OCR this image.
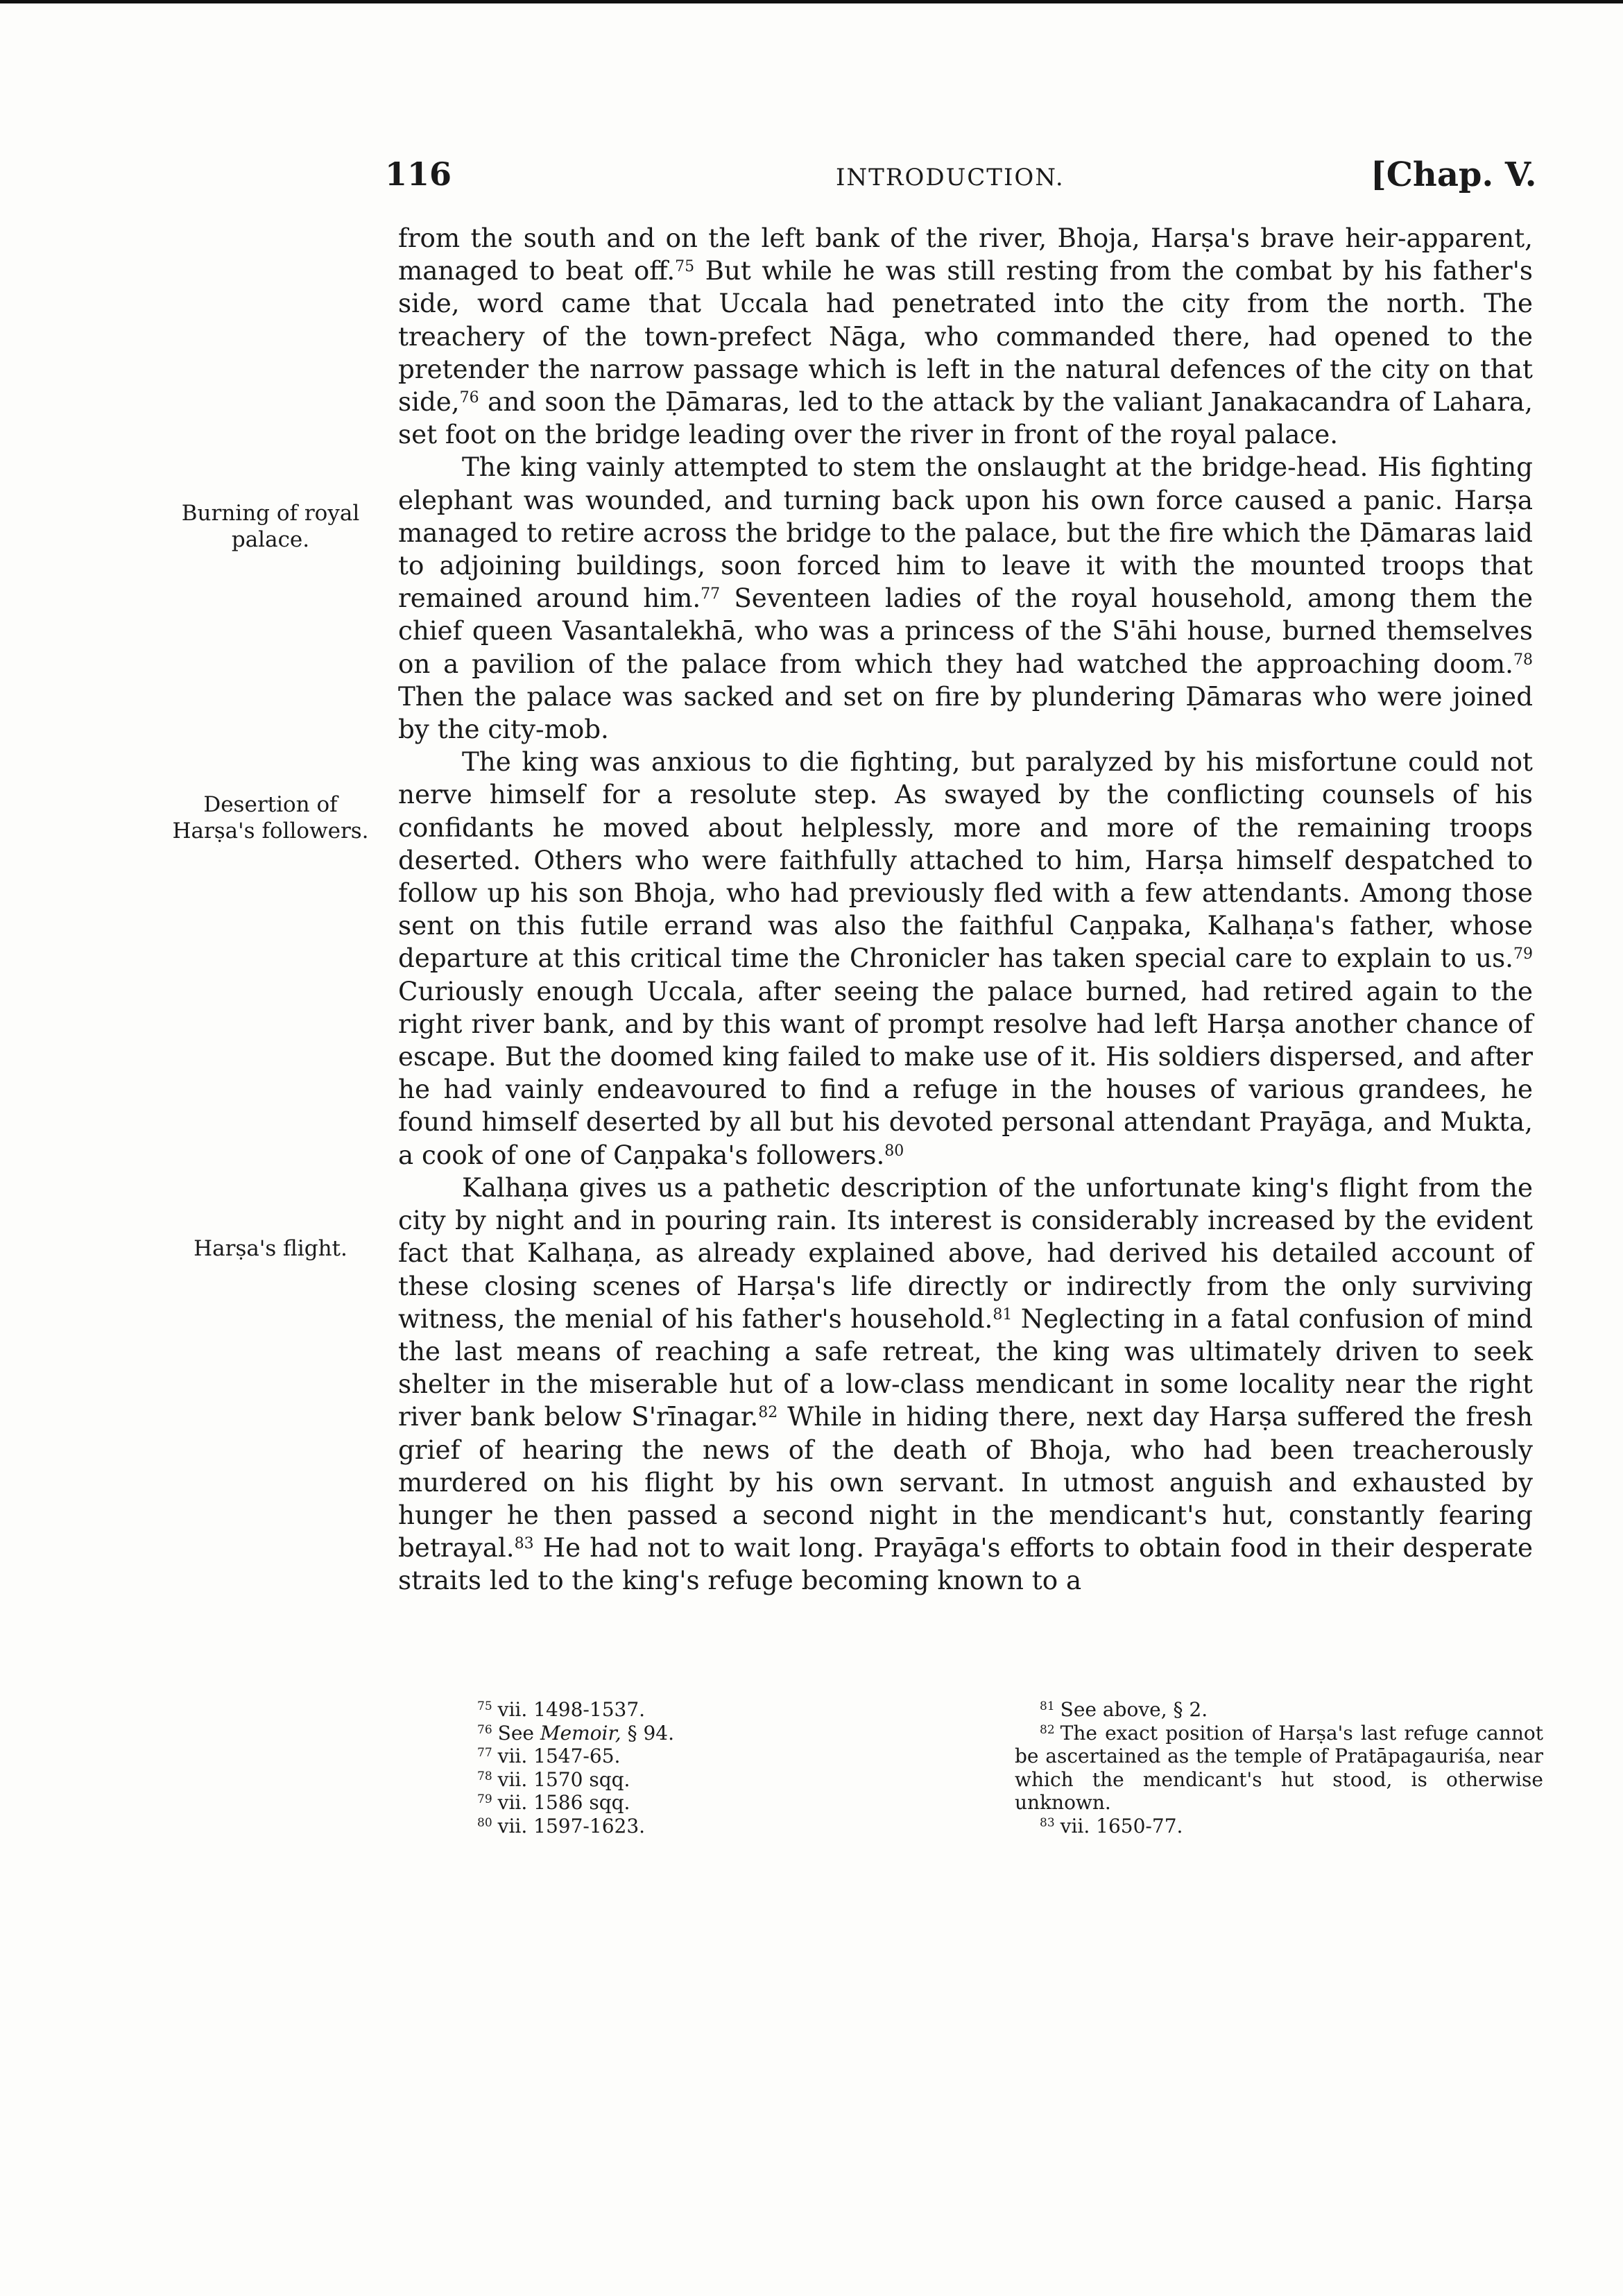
116	INTRODUCTION.	[Chap. V.
Burning of royal palace.
Desertion of Harṣa's followers.
Harṣa's flight.

from the south and on the left bank of the river, Bhoja, Harṣa's brave heir-apparent, managed to beat off.$^{75}$ But while he was still resting from the combat by his father's side, word came that Uccala had penetrated into the city from the north. The treachery of the town-prefect Nāga, who commanded there, had opened to the pretender the narrow passage which is left in the natural defences of the city on that side,$^{76}$ and soon the Ḍāmaras, led to the attack by the valiant Janakacandra of Lahara, set foot on the bridge leading over the river in front of the royal palace.

The king vainly attempted to stem the onslaught at the bridge-head. His fighting elephant was wounded, and turning back upon his own force caused a panic. Harṣa managed to retire across the bridge to the palace, but the fire which the Ḍāmaras laid to adjoining buildings, soon forced him to leave it with the mounted troops that remained around him.$^{77}$ Seventeen ladies of the royal household, among them the chief queen Vasantalekhā, who was a princess of the S'āhi house, burned themselves on a pavilion of the palace from which they had watched the approaching doom.$^{78}$ Then the palace was sacked and set on fire by plundering Ḍāmaras who were joined by the city-mob.

The king was anxious to die fighting, but paralyzed by his misfortune could not nerve himself for a resolute step. As swayed by the conflicting counsels of his confidants he moved about helplessly, more and more of the remaining troops deserted. Others who were faithfully attached to him, Harṣa himself despatched to follow up his son Bhoja, who had previously fled with a few attendants. Among those sent on this futile errand was also the faithful Caṇpaka, Kalhaṇa's father, whose departure at this critical time the Chronicler has taken special care to explain to us.$^{79}$ Curiously enough Uccala, after seeing the palace burned, had retired again to the right river bank, and by this want of prompt resolve had left Harṣa another chance of escape. But the doomed king failed to make use of it. His soldiers dispersed, and after he had vainly endeavoured to find a refuge in the houses of various grandees, he found himself deserted by all but his devoted personal attendant Prayāga, and Mukta, a cook of one of Caṇpaka's followers.$^{80}$

Kalhaṇa gives us a pathetic description of the unfortunate king's flight from the city by night and in pouring rain. Its interest is considerably increased by the evident fact that Kalhaṇa, as already explained above, had derived his detailed account of these closing scenes of Harṣa's life directly or indirectly from the only surviving witness, the menial of his father's household.$^{81}$ Neglecting in a fatal confusion of mind the last means of reaching a safe retreat, the king was ultimately driven to seek shelter in the miserable hut of a low-class mendicant in some locality near the right river bank below S'rīnagar.$^{82}$ While in hiding there, next day Harṣa suffered the fresh grief of hearing the news of the death of Bhoja, who had been treacherously murdered on his flight by his own servant. In utmost anguish and exhausted by hunger he then passed a second night in the mendicant's hut, constantly fearing betrayal.$^{83}$ He had not to wait long. Prayāga's efforts to obtain food in their desperate straits led to the king's refuge becoming known to a

$^{75}$ vii. 1498-1537.

$^{76}$ See Memoir, § 94.

$^{77}$ vii. 1547-65.

$^{78}$ vii. 1570 sqq.

$^{79}$ vii. 1586 sqq.

$^{80}$ vii. 1597-1623.

$^{81}$ See above, § 2.

$^{82}$ The exact position of Harṣa's last refuge cannot be ascertained as the temple of Pratāpagauriśa, near which the mendicant's hut stood, is otherwise unknown.

$^{83}$ vii. 1650-77.
